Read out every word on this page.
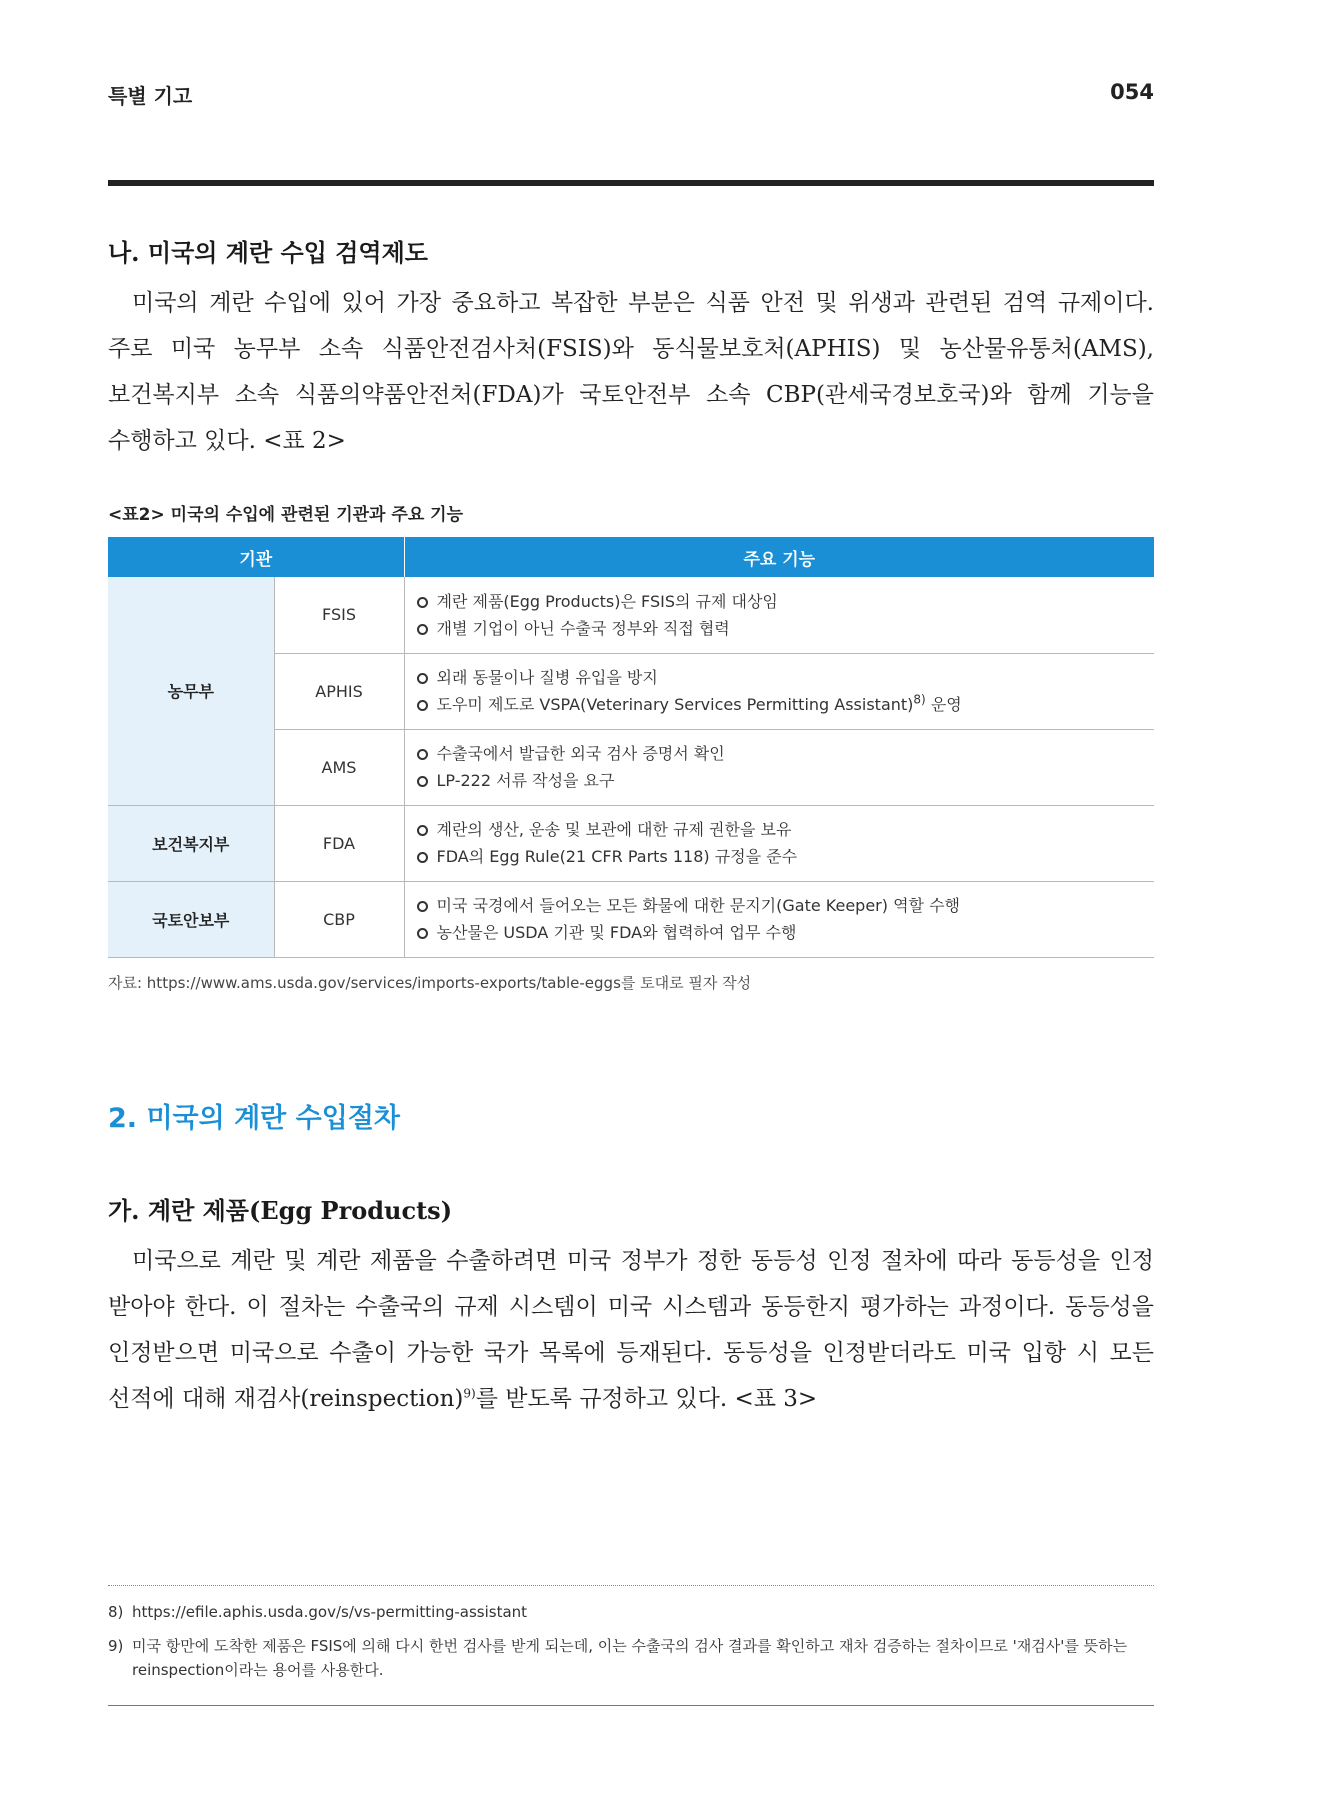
특별 기고	054
나. 미국의 계란 수입 검역제도
미국의 계란 수입에 있어 가장 중요하고 복잡한 부분은 식품 안전 및 위생과 관련된 검역 규제이다.
주로 미국 농무부 소속 식품안전검사처(FSIS)와 동식물보호처(APHIS) 및 농산물유통처(AMS),
보건복지부 소속 식품의약품안전처(FDA)가 국토안전부 소속 CBP(관세국경보호국)와 함께 기능을
수행하고 있다. <표 2>
<표2> 미국의 수입에 관련된 기관과 주요 기능
기관		주요 기능
농무부	FSIS	계란 제품(Egg Products)은 FSIS의 규제 대상임
개별 기업이 아닌 수출국 정부와 직접 협력

	APHIS	외래 동물이나 질병 유입을 방지
도우미 제도로 VSPA(Veterinary Services Permitting Assistant)$^{8)}$ 운영

	AMS	수출국에서 발급한 외국 검사 증명서 확인
LP-222 서류 작성을 요구

보건복지부	FDA	계란의 생산, 운송 및 보관에 대한 규제 권한을 보유
FDA의 Egg Rule(21 CFR Parts 118) 규정을 준수

국토안보부	CBP	미국 국경에서 들어오는 모든 화물에 대한 문지기(Gate Keeper) 역할 수행
농산물은 USDA 기관 및 FDA와 협력하여 업무 수행
자료: https://www.ams.usda.gov/services/imports-exports/table-eggs를 토대로 필자 작성
2. 미국의 계란 수입절차
가. 계란 제품(Egg Products)
미국으로 계란 및 계란 제품을 수출하려면 미국 정부가 정한 동등성 인정 절차에 따라 동등성을 인정
받아야 한다. 이 절차는 수출국의 규제 시스템이 미국 시스템과 동등한지 평가하는 과정이다. 동등성을
인정받으면 미국으로 수출이 가능한 국가 목록에 등재된다. 동등성을 인정받더라도 미국 입항 시 모든
선적에 대해 재검사(reinspection)$^{9)}$를 받도록 규정하고 있다. <표 3>
8) https://efile.aphis.usda.gov/s/vs-permitting-assistant
9) 미국 항만에 도착한 제품은 FSIS에 의해 다시 한번 검사를 받게 되는데, 이는 수출국의 검사 결과를 확인하고 재차 검증하는 절차이므로 '재검사'를 뜻하는
reinspection이라는 용어를 사용한다.
